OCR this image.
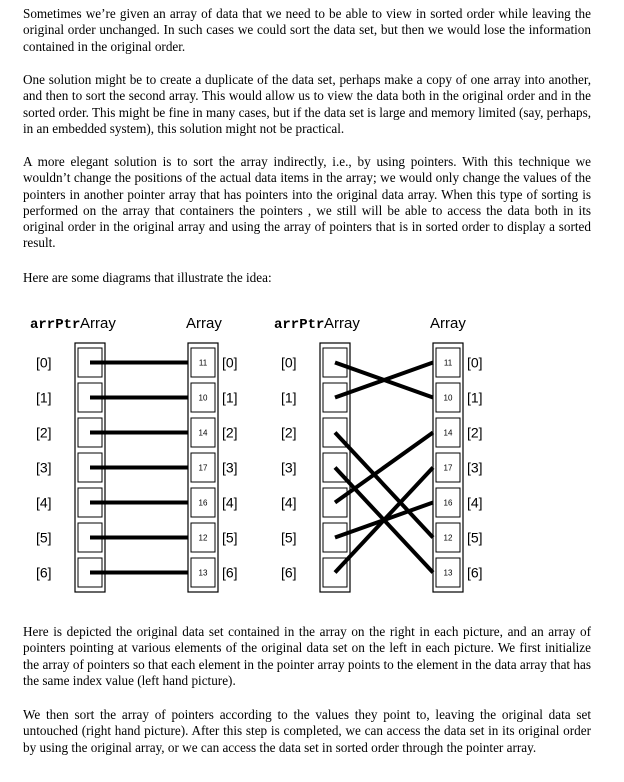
Sometimes we’re given an array of data that we need to be able to view in sorted order while leaving the original order unchanged. In such cases we could sort the data set, but then we would lose the information contained in the original order.

One solution might be to create a duplicate of the data set, perhaps make a copy of one array into another, and then to sort the second array. This would allow us to view the data both in the original order and in the sorted order. This might be fine in many cases, but if the data set is large and memory limited (say, perhaps, in an embedded system), this solution might not be practical.

A more elegant solution is to sort the array indirectly, i.e., by using pointers. With this technique we wouldn’t change the positions of the actual data items in the array; we would only change the values of the pointers in another pointer array that has pointers into the original data array. When this type of sorting is performed on the array that containers the pointers , we still will be able to access the data both in its original order in the original array and using the array of pointers that is in sorted order to display a sorted result.

Here are some diagrams that illustrate the idea:

arrPtr Array	Array	arrPtr Array	Array
11
[0]	[0]
10
[1]	[1]
14
[2]	[2]
17
[3]	[3]
16
[4]	[4]
12
[5]	[5]
13
[6]	[6]
11
[0]	[0]
10
[1]	[1]
14
[2]	[2]
17
[3]	[3]
16
[4]	[4]
12
[5]	[5]
13
[6]	[6]

Here is depicted the original data set contained in the array on the right in each picture, and an array of pointers pointing at various elements of the original data set on the left in each picture. We first initialize the array of pointers so that each element in the pointer array points to the element in the data array that has the same index value (left hand picture).

We then sort the array of pointers according to the values they point to, leaving the original data set untouched (right hand picture). After this step is completed, we can access the data set in its original order by using the original array, or we can access the data set in sorted order through the pointer array.
